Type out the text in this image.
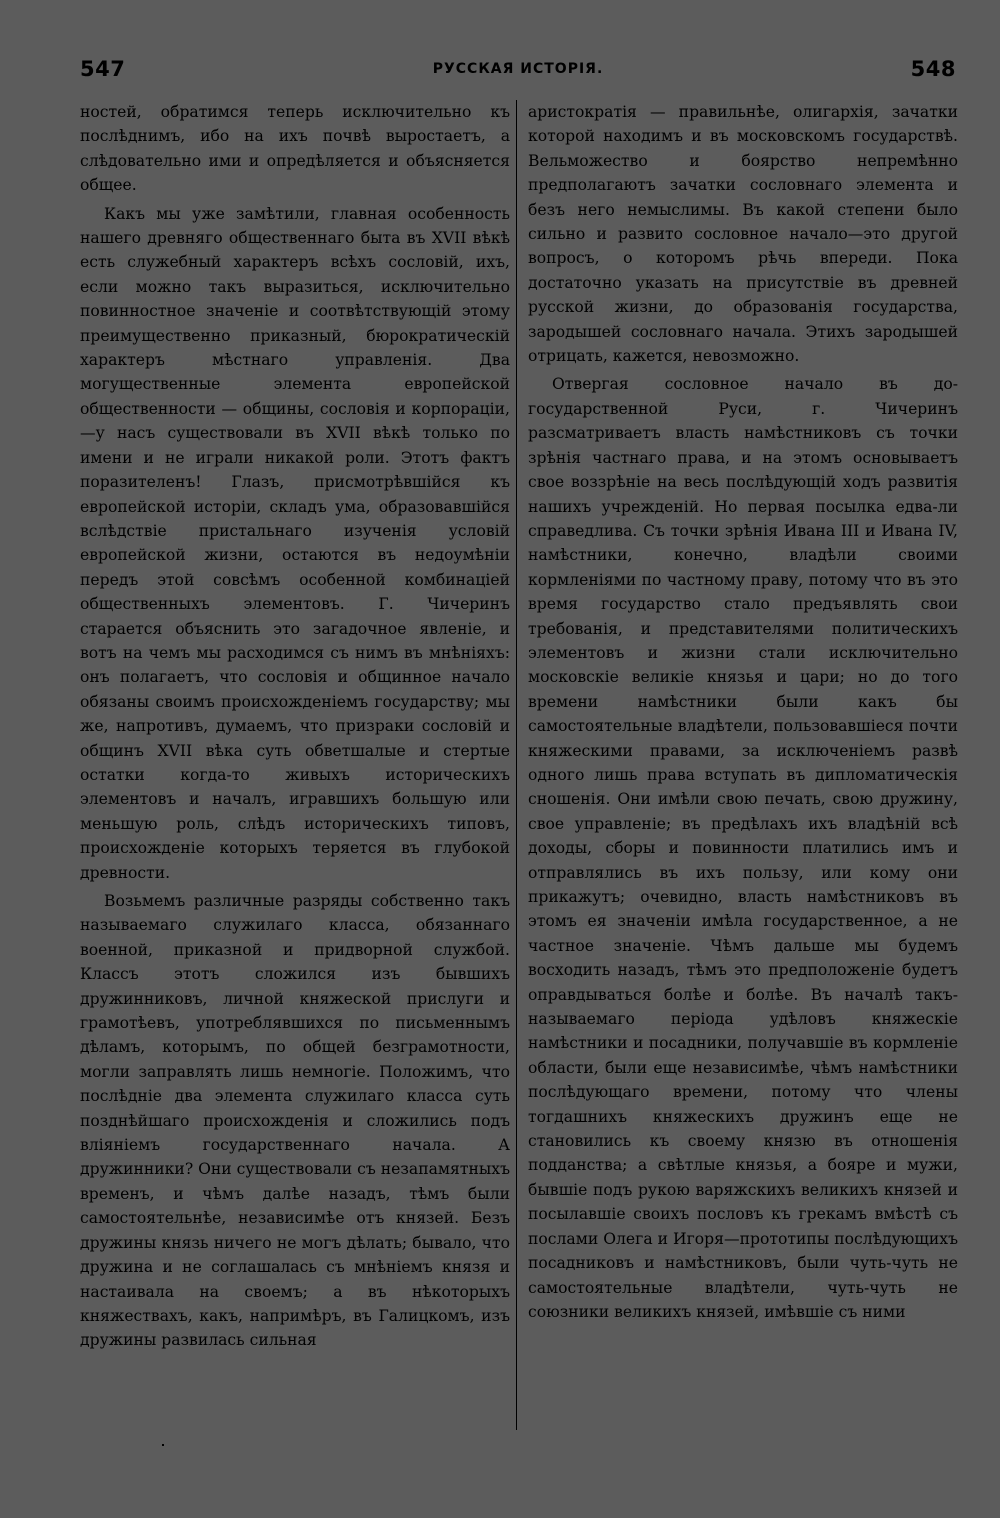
547	РУССКАЯ ИСТОРІЯ.	548

ностей, обратимся теперь исключительно къ послѣднимъ, ибо на ихъ почвѣ выростаетъ, а слѣдовательно ими и опредѣляется и объясняется общее.

Какъ мы уже замѣтили, главная особенность нашего древняго общественнаго быта въ XVII вѣкѣ есть служебный характеръ всѣхъ сословій, ихъ, если можно такъ выразиться, исключительно повинностное значеніе и соотвѣтствующій этому преимущественно приказный, бюрократическій характеръ мѣстнаго управленія. Два могущественные элемента европейской общественности — общины, сословія и корпораціи,—у насъ существовали въ XVII вѣкѣ только по имени и не играли никакой роли. Этотъ фактъ поразителенъ! Глазъ, присмотрѣвшійся къ европейской исторіи, складъ ума, образовавшійся вслѣдствіе пристальнаго изученія условій европейской жизни, остаются въ недоумѣніи передъ этой совсѣмъ особенной комбинаціей общественныхъ элементовъ. Г. Чичеринъ старается объяснить это загадочное явленіе, и вотъ на чемъ мы расходимся съ нимъ въ мнѣніяхъ: онъ полагаетъ, что сословія и общинное начало обязаны своимъ происхожденіемъ государству; мы же, напротивъ, думаемъ, что призраки сословій и общинъ XVII вѣка суть обветшалые и стертые остатки когда-то живыхъ историческихъ элементовъ и началъ, игравшихъ большую или меньшую роль, слѣдъ историческихъ типовъ, происхожденіе которыхъ теряется въ глубокой древности.

Возьмемъ различные разряды собственно такъ называемаго служилаго класса, обязаннаго военной, приказной и придворной службой. Классъ этотъ сложился изъ бывшихъ дружинниковъ, личной княжеской прислуги и грамотѣевъ, употреблявшихся по письменнымъ дѣламъ, которымъ, по общей безграмотности, могли заправлять лишь немногіе. Положимъ, что послѣдніе два элемента служилаго класса суть позднѣйшаго происхожденія и сложились подъ вліяніемъ государственнаго начала. А дружинники? Они существовали съ незапамятныхъ временъ, и чѣмъ далѣе назадъ, тѣмъ были самостоятельнѣе, независимѣе отъ князей. Безъ дружины князь ничего не могъ дѣлать; бывало, что дружина и не соглашалась съ мнѣніемъ князя и настаивала на своемъ; а въ нѣкоторыхъ княжествахъ, какъ, напримѣръ, въ Галицкомъ, изъ дружины развилась сильная

аристократія — правильнѣе, олигархія, зачатки которой находимъ и въ московскомъ государствѣ. Вельможество и боярство непремѣнно предполагаютъ зачатки сословнаго элемента и безъ него немыслимы. Въ какой степени было сильно и развито сословное начало—это другой вопросъ, о которомъ рѣчь впереди. Пока достаточно указать на присутствіе въ древней русской жизни, до образованія государства, зародышей сословнаго начала. Этихъ зародышей отрицать, кажется, невозможно.

Отвергая сословное начало въ до-государственной Руси, г. Чичеринъ разсматриваетъ власть намѣстниковъ съ точки зрѣнія частнаго права, и на этомъ основываетъ свое воззрѣніе на весь послѣдующій ходъ развитія нашихъ учрежденій. Но первая посылка едва-ли справедлива. Съ точки зрѣнія Ивана III и Ивана IV, намѣстники, конечно, владѣли своими кормленіями по частному праву, потому что въ это время государство стало предъявлять свои требованія, и представителями политическихъ элементовъ и жизни стали исключительно московскіе великіе князья и цари; но до того времени намѣстники были какъ бы самостоятельные владѣтели, пользовавшіеся почти княжескими правами, за исключеніемъ развѣ одного лишь права вступать въ дипломатическія сношенія. Они имѣли свою печать, свою дружину, свое управленіе; въ предѣлахъ ихъ владѣній всѣ доходы, сборы и повинности платились имъ и отправлялись въ ихъ пользу, или кому они прикажутъ; очевидно, власть намѣстниковъ въ этомъ ея значеніи имѣла государственное, а не частное значеніе. Чѣмъ дальше мы будемъ восходить назадъ, тѣмъ это предположеніе будетъ оправдываться болѣе и болѣе. Въ началѣ такъ-называемаго періода удѣловъ княжескіе намѣстники и посадники, получавшіе въ кормленіе области, были еще независимѣе, чѣмъ намѣстники послѣдующаго времени, потому что члены тогдашнихъ княжескихъ дружинъ еще не становились къ своему князю въ отношенія подданства; а свѣтлые князья, а бояре и мужи, бывшіе подъ рукою варяжскихъ великихъ князей и посылавшіе своихъ пословъ къ грекамъ вмѣстѣ съ послами Олега и Игоря—прототипы послѣдующихъ посадниковъ и намѣстниковъ, были чуть-чуть не самостоятельные владѣтели, чуть-чуть не союзники великихъ князей, имѣвшіе съ ними
